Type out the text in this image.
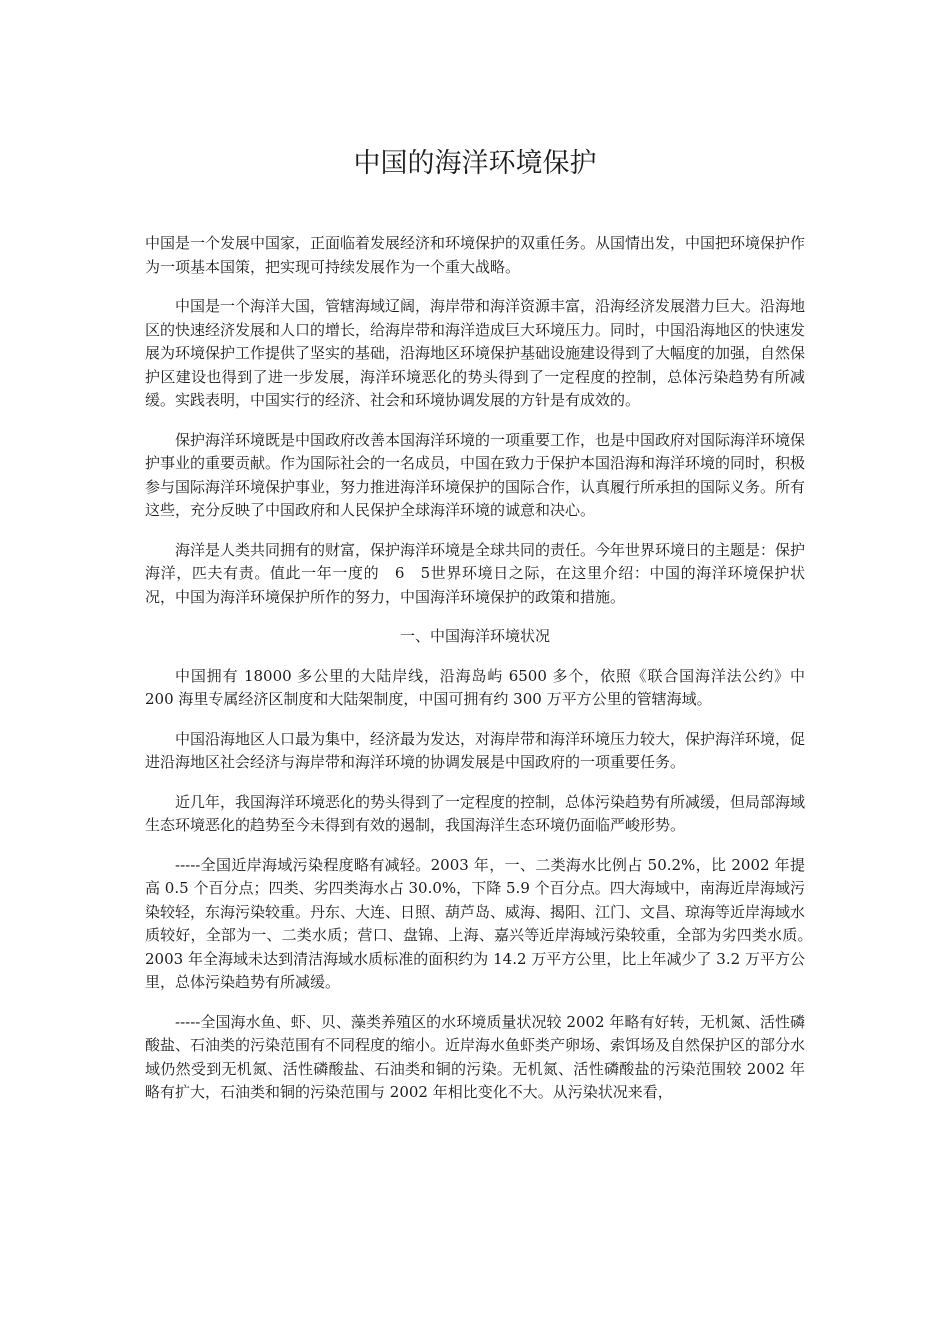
中国的海洋环境保护

中国是一个发展中国家，正面临着发展经济和环境保护的双重任务。从国情出发，中国把环境保护作为一项基本国策，把实现可持续发展作为一个重大战略。

中国是一个海洋大国，管辖海域辽阔，海岸带和海洋资源丰富，沿海经济发展潜力巨大。沿海地区的快速经济发展和人口的增长，给海岸带和海洋造成巨大环境压力。同时，中国沿海地区的快速发展为环境保护工作提供了坚实的基础，沿海地区环境保护基础设施建设得到了大幅度的加强，自然保护区建设也得到了进一步发展，海洋环境恶化的势头得到了一定程度的控制，总体污染趋势有所减缓。实践表明，中国实行的经济、社会和环境协调发展的方针是有成效的。

保护海洋环境既是中国政府改善本国海洋环境的一项重要工作，也是中国政府对国际海洋环境保护事业的重要贡献。作为国际社会的一名成员，中国在致力于保护本国沿海和海洋环境的同时，积极参与国际海洋环境保护事业，努力推进海洋环境保护的国际合作，认真履行所承担的国际义务。所有这些，充分反映了中国政府和人民保护全球海洋环境的诚意和决心。

海洋是人类共同拥有的财富，保护海洋环境是全球共同的责任。今年世界环境日的主题是：保护海洋，匹夫有责。值此一年一度的　6　5世界环境日之际，在这里介绍：中国的海洋环境保护状况，中国为海洋环境保护所作的努力，中国海洋环境保护的政策和措施。

一、中国海洋环境状况

中国拥有 18000 多公里的大陆岸线，沿海岛屿 6500 多个，依照《联合国海洋法公约》中 200 海里专属经济区制度和大陆架制度，中国可拥有约 300 万平方公里的管辖海域。

中国沿海地区人口最为集中，经济最为发达，对海岸带和海洋环境压力较大，保护海洋环境，促进沿海地区社会经济与海岸带和海洋环境的协调发展是中国政府的一项重要任务。

近几年，我国海洋环境恶化的势头得到了一定程度的控制，总体污染趋势有所减缓，但局部海域生态环境恶化的趋势至今未得到有效的遏制，我国海洋生态环境仍面临严峻形势。

-----全国近岸海域污染程度略有减轻。2003 年，一、二类海水比例占 50.2%，比 2002 年提高 0.5 个百分点；四类、劣四类海水占 30.0%，下降 5.9 个百分点。四大海域中，南海近岸海域污染较轻，东海污染较重。丹东、大连、日照、葫芦岛、威海、揭阳、江门、文昌、琼海等近岸海域水质较好，全部为一、二类水质；营口、盘锦、上海、嘉兴等近岸海域污染较重，全部为劣四类水质。　2003 年全海域未达到清洁海域水质标准的面积约为 14.2 万平方公里，比上年减少了 3.2 万平方公里，总体污染趋势有所减缓。

-----全国海水鱼、虾、贝、藻类养殖区的水环境质量状况较 2002 年略有好转，无机氮、活性磷酸盐、石油类的污染范围有不同程度的缩小。近岸海水鱼虾类产卵场、索饵场及自然保护区的部分水域仍然受到无机氮、活性磷酸盐、石油类和铜的污染。无机氮、活性磷酸盐的污染范围较 2002 年略有扩大，石油类和铜的污染范围与 2002 年相比变化不大。从污染状况来看，
